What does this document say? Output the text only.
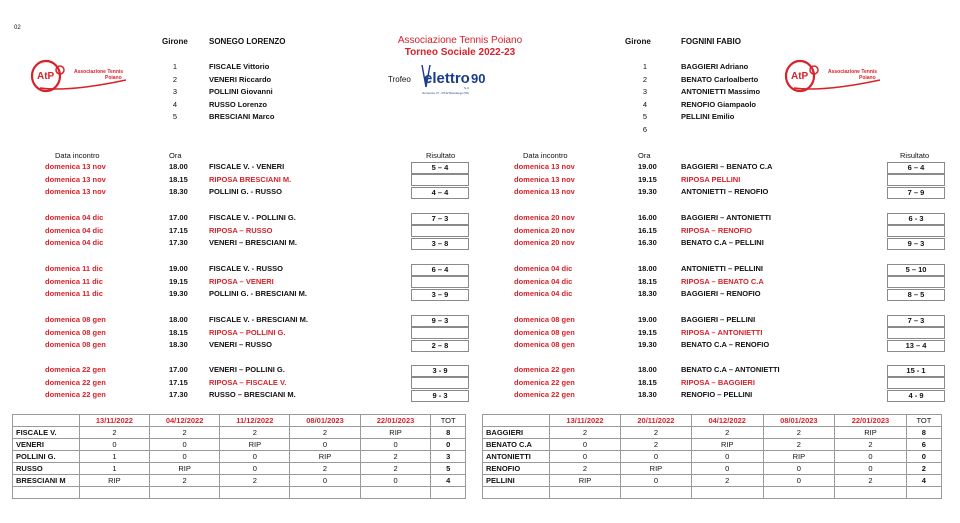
02
AtP	Associazione Tennis
Poiano	AtP	Associazione Tennis
Poiano
Associazione Tennis Poiano
Torneo Sociale 2022-23
Trofeo elettro 90
S.r.l.
Via Verona, 37 - 37122 Bussolengo (VR)
Girone	SONEGO LORENZO
1	FISCALE Vittorio
2	VENERI Riccardo
3	POLLINI Giovanni
4	RUSSO Lorenzo
5	BRESCIANI Marco
Girone	FOGNINI FABIO
1	BAGGIERI Adriano
2	BENATO Carloalberto
3	ANTONIETTI Massimo
4	RENOFIO Giampaolo
5	PELLINI Emilio
6
Data incontro	Ora	Risultato	Data incontro	Ora	Risultato
domenica 13 nov	18.00	FISCALE V. - VENERI	5 – 4
domenica 13 nov	18.15	RIPOSA BRESCIANI M.
domenica 13 nov	18.30	POLLINI G. - RUSSO	4 – 4
domenica 04 dic	17.00	FISCALE V. - POLLINI G.	7 – 3
domenica 04 dic	17.15	RIPOSA – RUSSO
domenica 04 dic	17.30	VENERI – BRESCIANI M.	3 – 8
domenica 11 dic	19.00	FISCALE V. - RUSSO	6 – 4
domenica 11 dic	19.15	RIPOSA – VENERI
domenica 11 dic	19.30	POLLINI G. - BRESCIANI M.	3 – 9
domenica 08 gen	18.00	FISCALE V. - BRESCIANI M.	9 – 3
domenica 08 gen	18.15	RIPOSA – POLLINI G.
domenica 08 gen	18.30	VENERI – RUSSO	2 – 8
domenica 22 gen	17.00	VENERI – POLLINI G.	3 - 9
domenica 22 gen	17.15	RIPOSA – FISCALE V.
domenica 22 gen	17.30	RUSSO – BRESCIANI M.	9 - 3
domenica 13 nov	19.00	BAGGIERI – BENATO C.A	6 – 4
domenica 13 nov	19.15	RIPOSA PELLINI
domenica 13 nov	19.30	ANTONIETTI – RENOFIO	7 – 9
domenica 20 nov	16.00	BAGGIERI – ANTONIETTI	6 - 3
domenica 20 nov	16.15	RIPOSA – RENOFIO
domenica 20 nov	16.30	BENATO C.A – PELLINI	9 – 3
domenica 04 dic	18.00	ANTONIETTI – PELLINI	5 – 10
domenica 04 dic	18.15	RIPOSA – BENATO C.A
domenica 04 dic	18.30	BAGGIERI – RENOFIO	8 – 5
domenica 08 gen	19.00	BAGGIERI – PELLINI	7 – 3
domenica 08 gen	19.15	RIPOSA – ANTONIETTI
domenica 08 gen	19.30	BENATO C.A – RENOFIO	13 – 4
domenica 22 gen	18.00	BENATO C.A – ANTONIETTI	15 - 1
domenica 22 gen	18.15	RIPOSA – BAGGIERI
domenica 22 gen	18.30	RENOFIO – PELLINI	4 - 9
	13/11/2022	04/12/2022	11/12/2022	08/01/2023	22/01/2023	TOT
FISCALE V.	2	2	2	2	RIP	8
VENERI	0	0	RIP	0	0	0
POLLINI G.	1	0	0	RIP	2	3
RUSSO	1	RIP	0	2	2	5
BRESCIANI M	RIP	2	2	0	0	4

	13/11/2022	20/11/2022	04/12/2022	08/01/2023	22/01/2023	TOT
BAGGIERI	2	2	2	2	RIP	8
BENATO C.A	0	2	RIP	2	2	6
ANTONIETTI	0	0	0	RIP	0	0
RENOFIO	2	RIP	0	0	0	2
PELLINI	RIP	0	2	0	2	4
